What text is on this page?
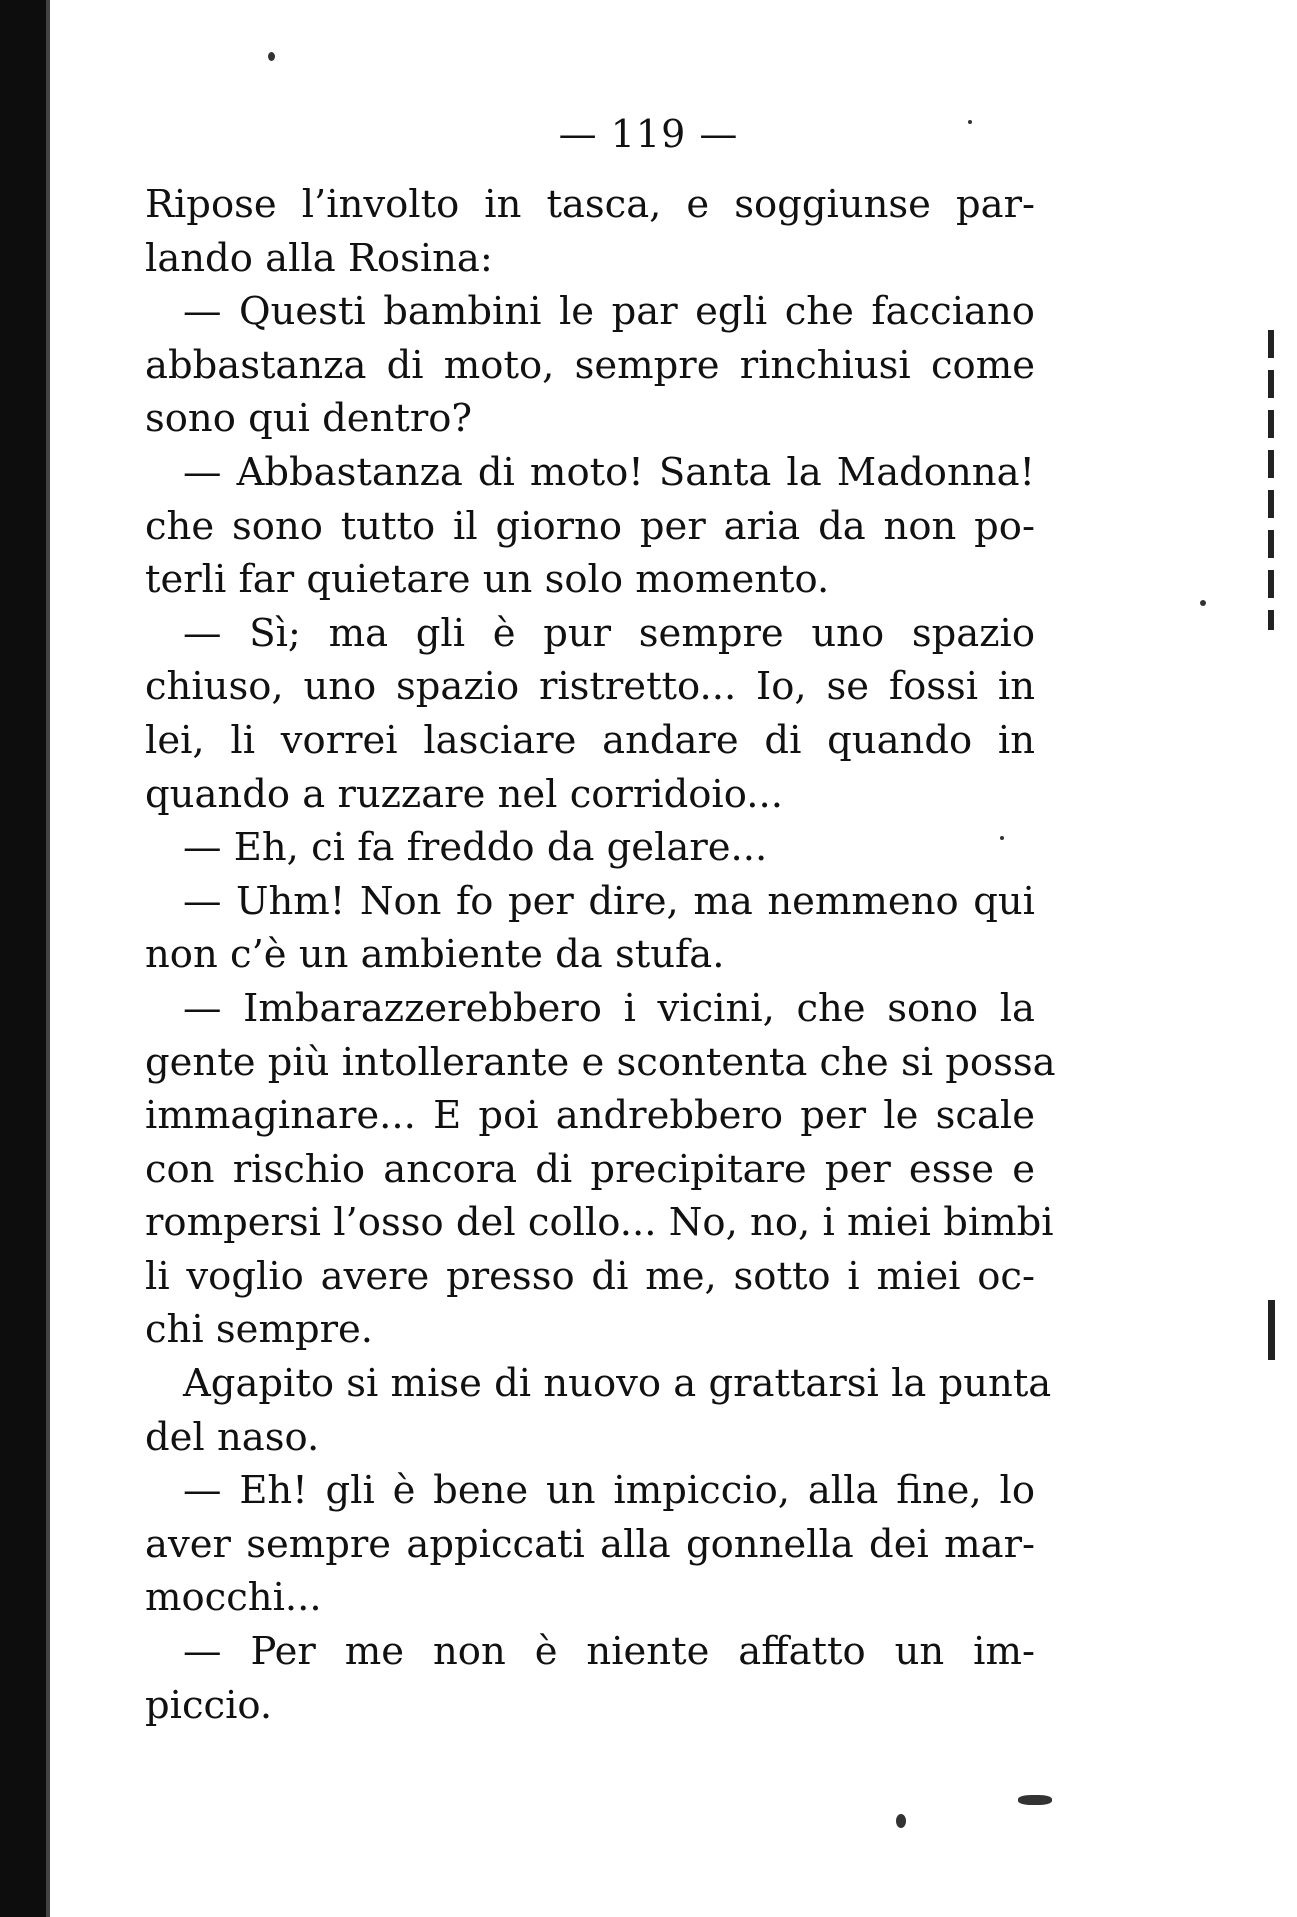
— 119 —
Ripose l’involto in tasca, e soggiunse par-
lando alla Rosina:
— Questi bambini le par egli che facciano
abbastanza di moto, sempre rinchiusi come
sono qui dentro?
— Abbastanza di moto! Santa la Madonna!
che sono tutto il giorno per aria da non po-
terli far quietare un solo momento.
— Sì; ma gli è pur sempre uno spazio
chiuso, uno spazio ristretto... Io, se fossi in
lei, li vorrei lasciare andare di quando in
quando a ruzzare nel corridoio...
— Eh, ci fa freddo da gelare...
— Uhm! Non fo per dire, ma nemmeno qui
non c’è un ambiente da stufa.
— Imbarazzerebbero i vicini, che sono la
gente più intollerante e scontenta che si possa
immaginare... E poi andrebbero per le scale
con rischio ancora di precipitare per esse e
rompersi l’osso del collo... No, no, i miei bimbi
li voglio avere presso di me, sotto i miei oc-
chi sempre.
Agapito si mise di nuovo a grattarsi la punta
del naso.
— Eh! gli è bene un impiccio, alla fine, lo
aver sempre appiccati alla gonnella dei mar-
mocchi...
— Per me non è niente affatto un im-
piccio.
